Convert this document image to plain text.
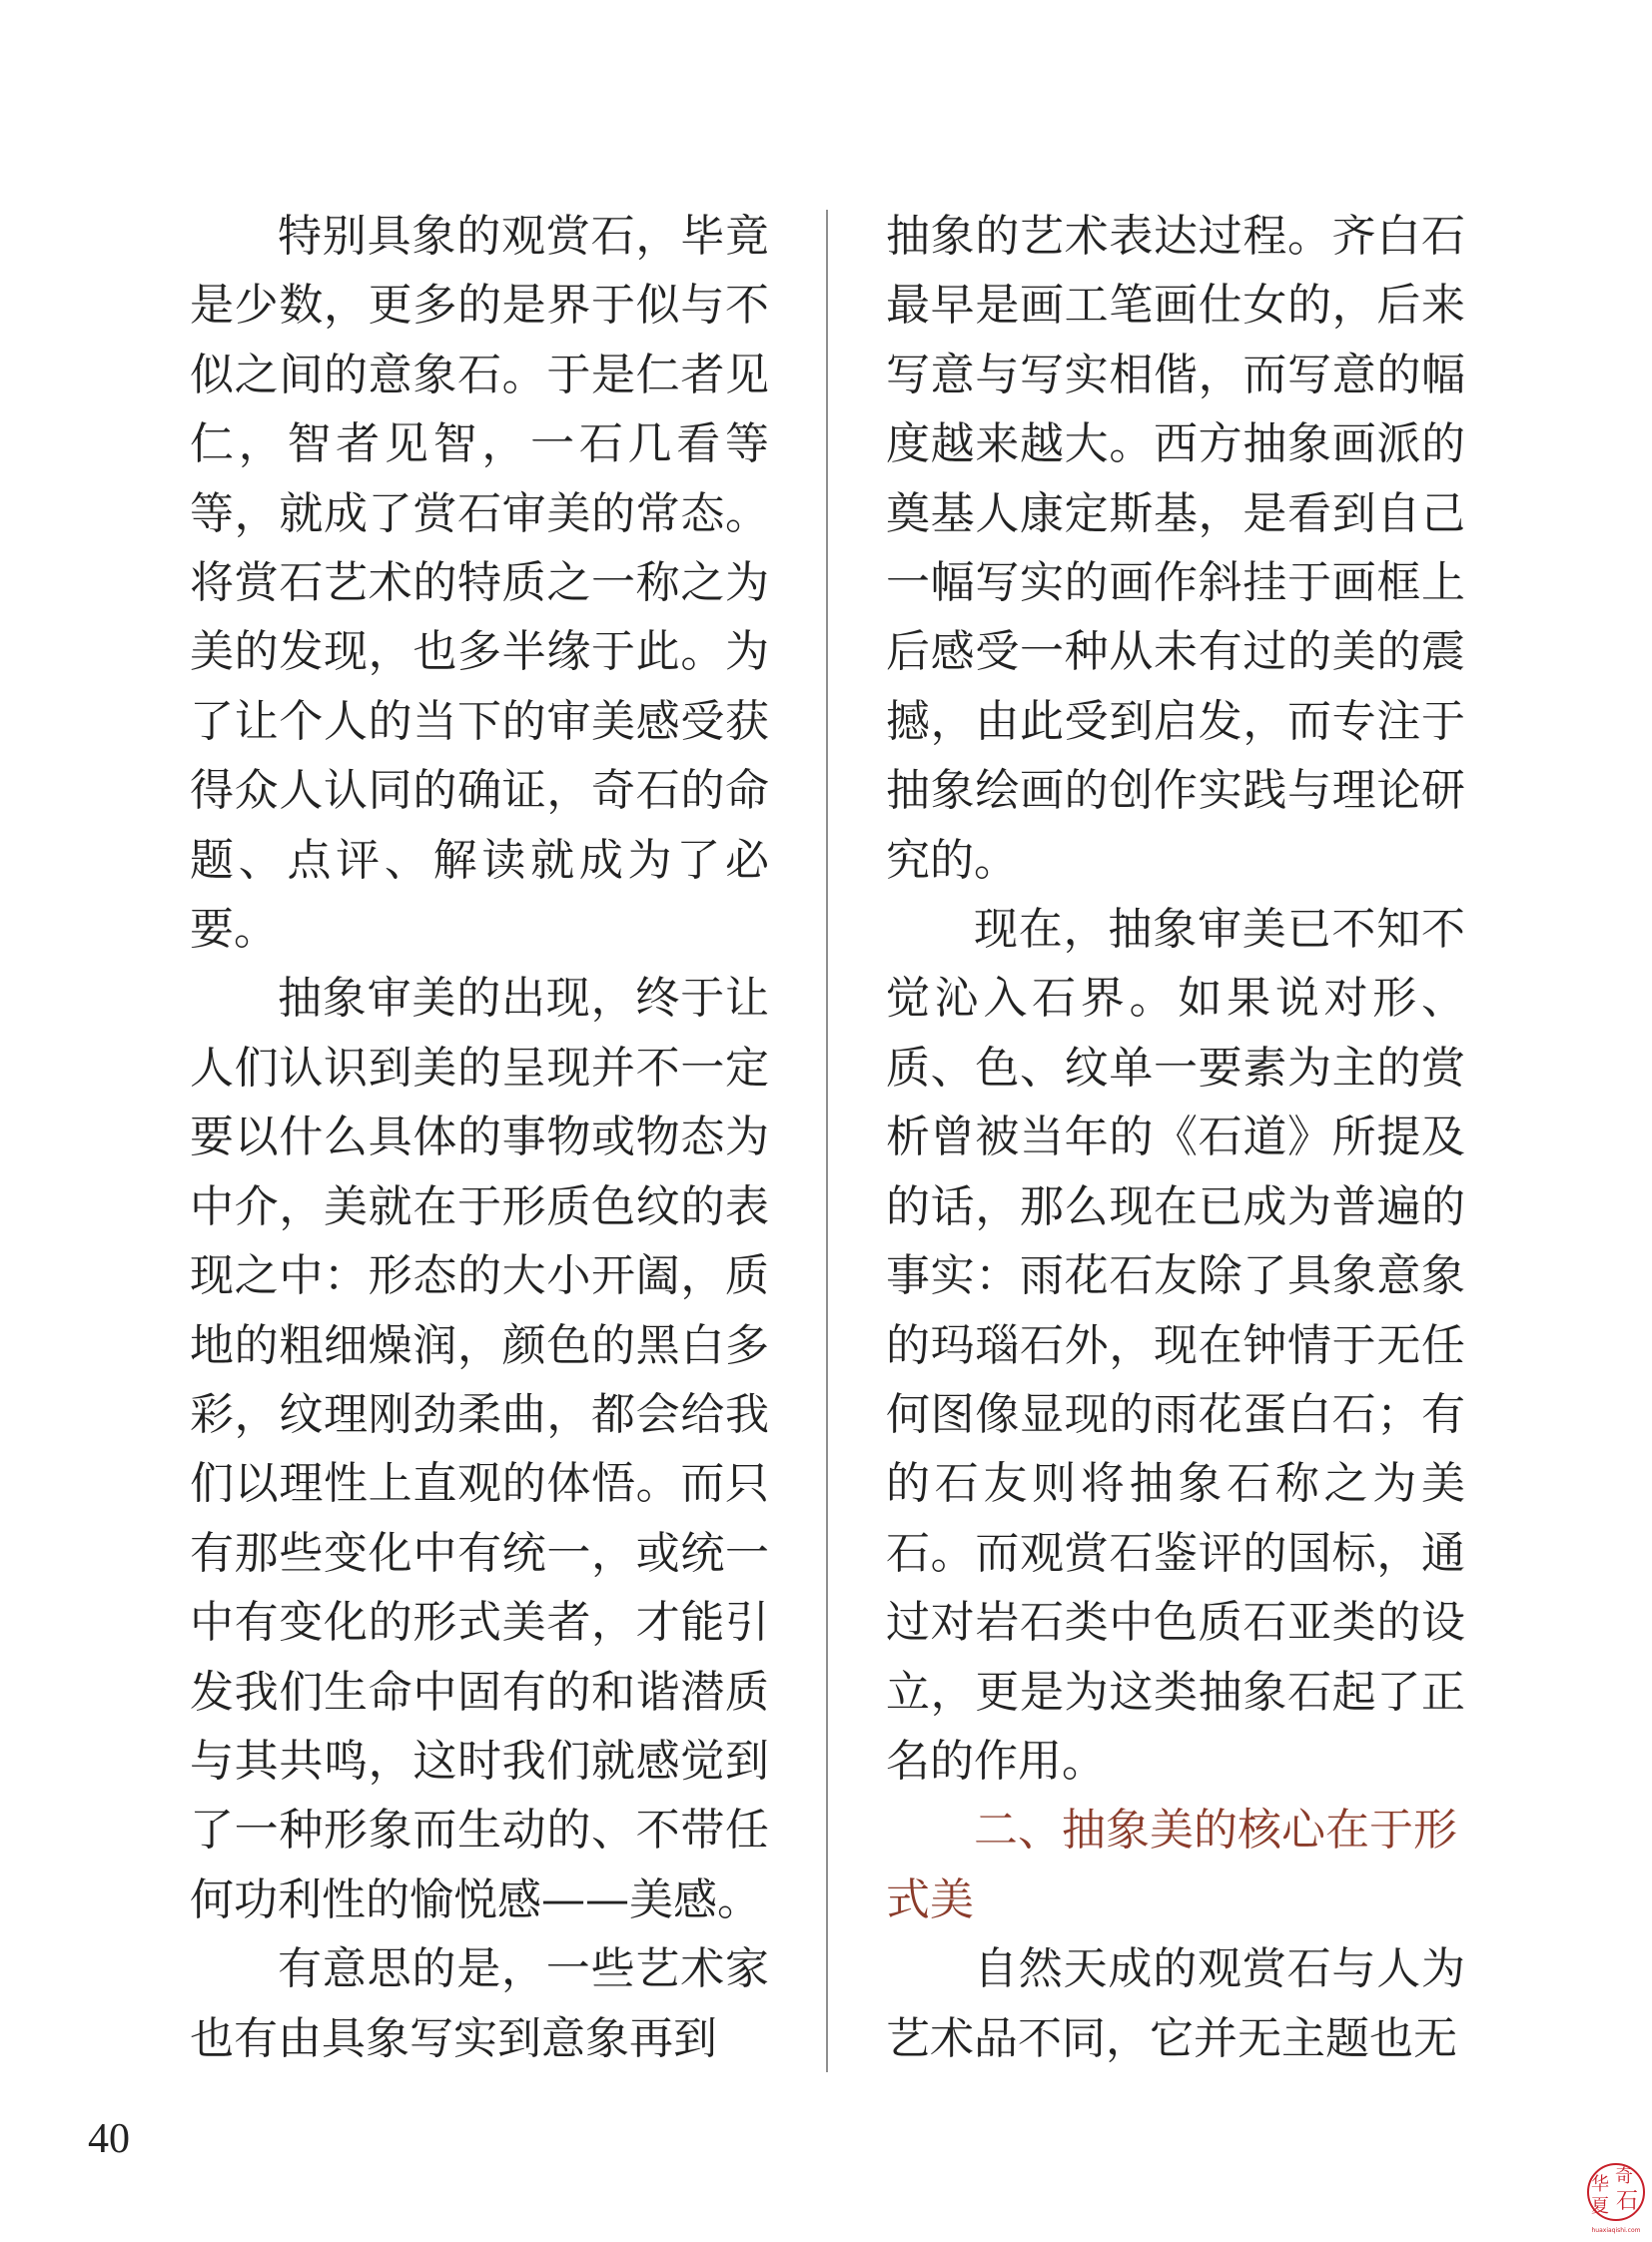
特别具象的观赏石，毕竟是少数，更多的是界于似与不似之间的意象石。于是仁者见仁，智者见智，一石几看等等，就成了赏石审美的常态。将赏石艺术的特质之一称之为美的发现，也多半缘于此。为了让个人的当下的审美感受获得众人认同的确证，奇石的命题、点评、解读就成为了必要。

抽象审美的出现，终于让人们认识到美的呈现并不一定要以什么具体的事物或物态为中介，美就在于形质色纹的表现之中：形态的大小开阖，质地的粗细燥润，颜色的黑白多彩，纹理刚劲柔曲，都会给我们以理性上直观的体悟。而只有那些变化中有统一，或统一中有变化的形式美者，才能引发我们生命中固有的和谐潜质与其共鸣，这时我们就感觉到了一种形象而生动的、不带任何功利性的愉悦感——美感。

有意思的是，一些艺术家也有由具象写实到意象再到

抽象的艺术表达过程。齐白石最早是画工笔画仕女的，后来写意与写实相偕，而写意的幅度越来越大。西方抽象画派的奠基人康定斯基，是看到自己一幅写实的画作斜挂于画框上后感受一种从未有过的美的震撼，由此受到启发，而专注于抽象绘画的创作实践与理论研究的。

现在，抽象审美已不知不觉沁入石界。如果说对形、质、色、纹单一要素为主的赏析曾被当年的《石道》所提及的话，那么现在已成为普遍的事实：雨花石友除了具象意象的玛瑙石外，现在钟情于无任何图像显现的雨花蛋白石；有的石友则将抽象石称之为美石。而观赏石鉴评的国标，通过对岩石类中色质石亚类的设立，更是为这类抽象石起了正名的作用。

二、抽象美的核心在于形式美

自然天成的观赏石与人为艺术品不同，它并无主题也无

40
华 奇
夏 石
huaxiaqishi.com
